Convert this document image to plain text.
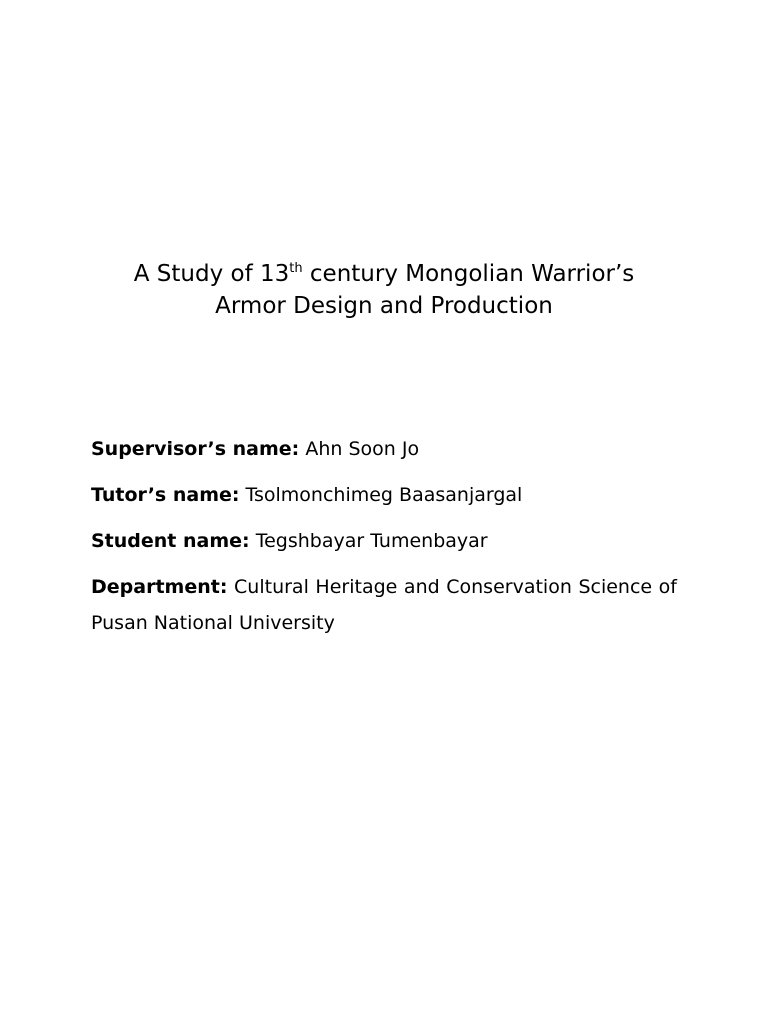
A Study of 13th century Mongolian Warrior’s
Armor Design and Production

Supervisor’s name: Ahn Soon Jo

Tutor’s name: Tsolmonchimeg Baasanjargal

Student name: Tegshbayar Tumenbayar

Department: Cultural Heritage and Conservation Science of Pusan National University
